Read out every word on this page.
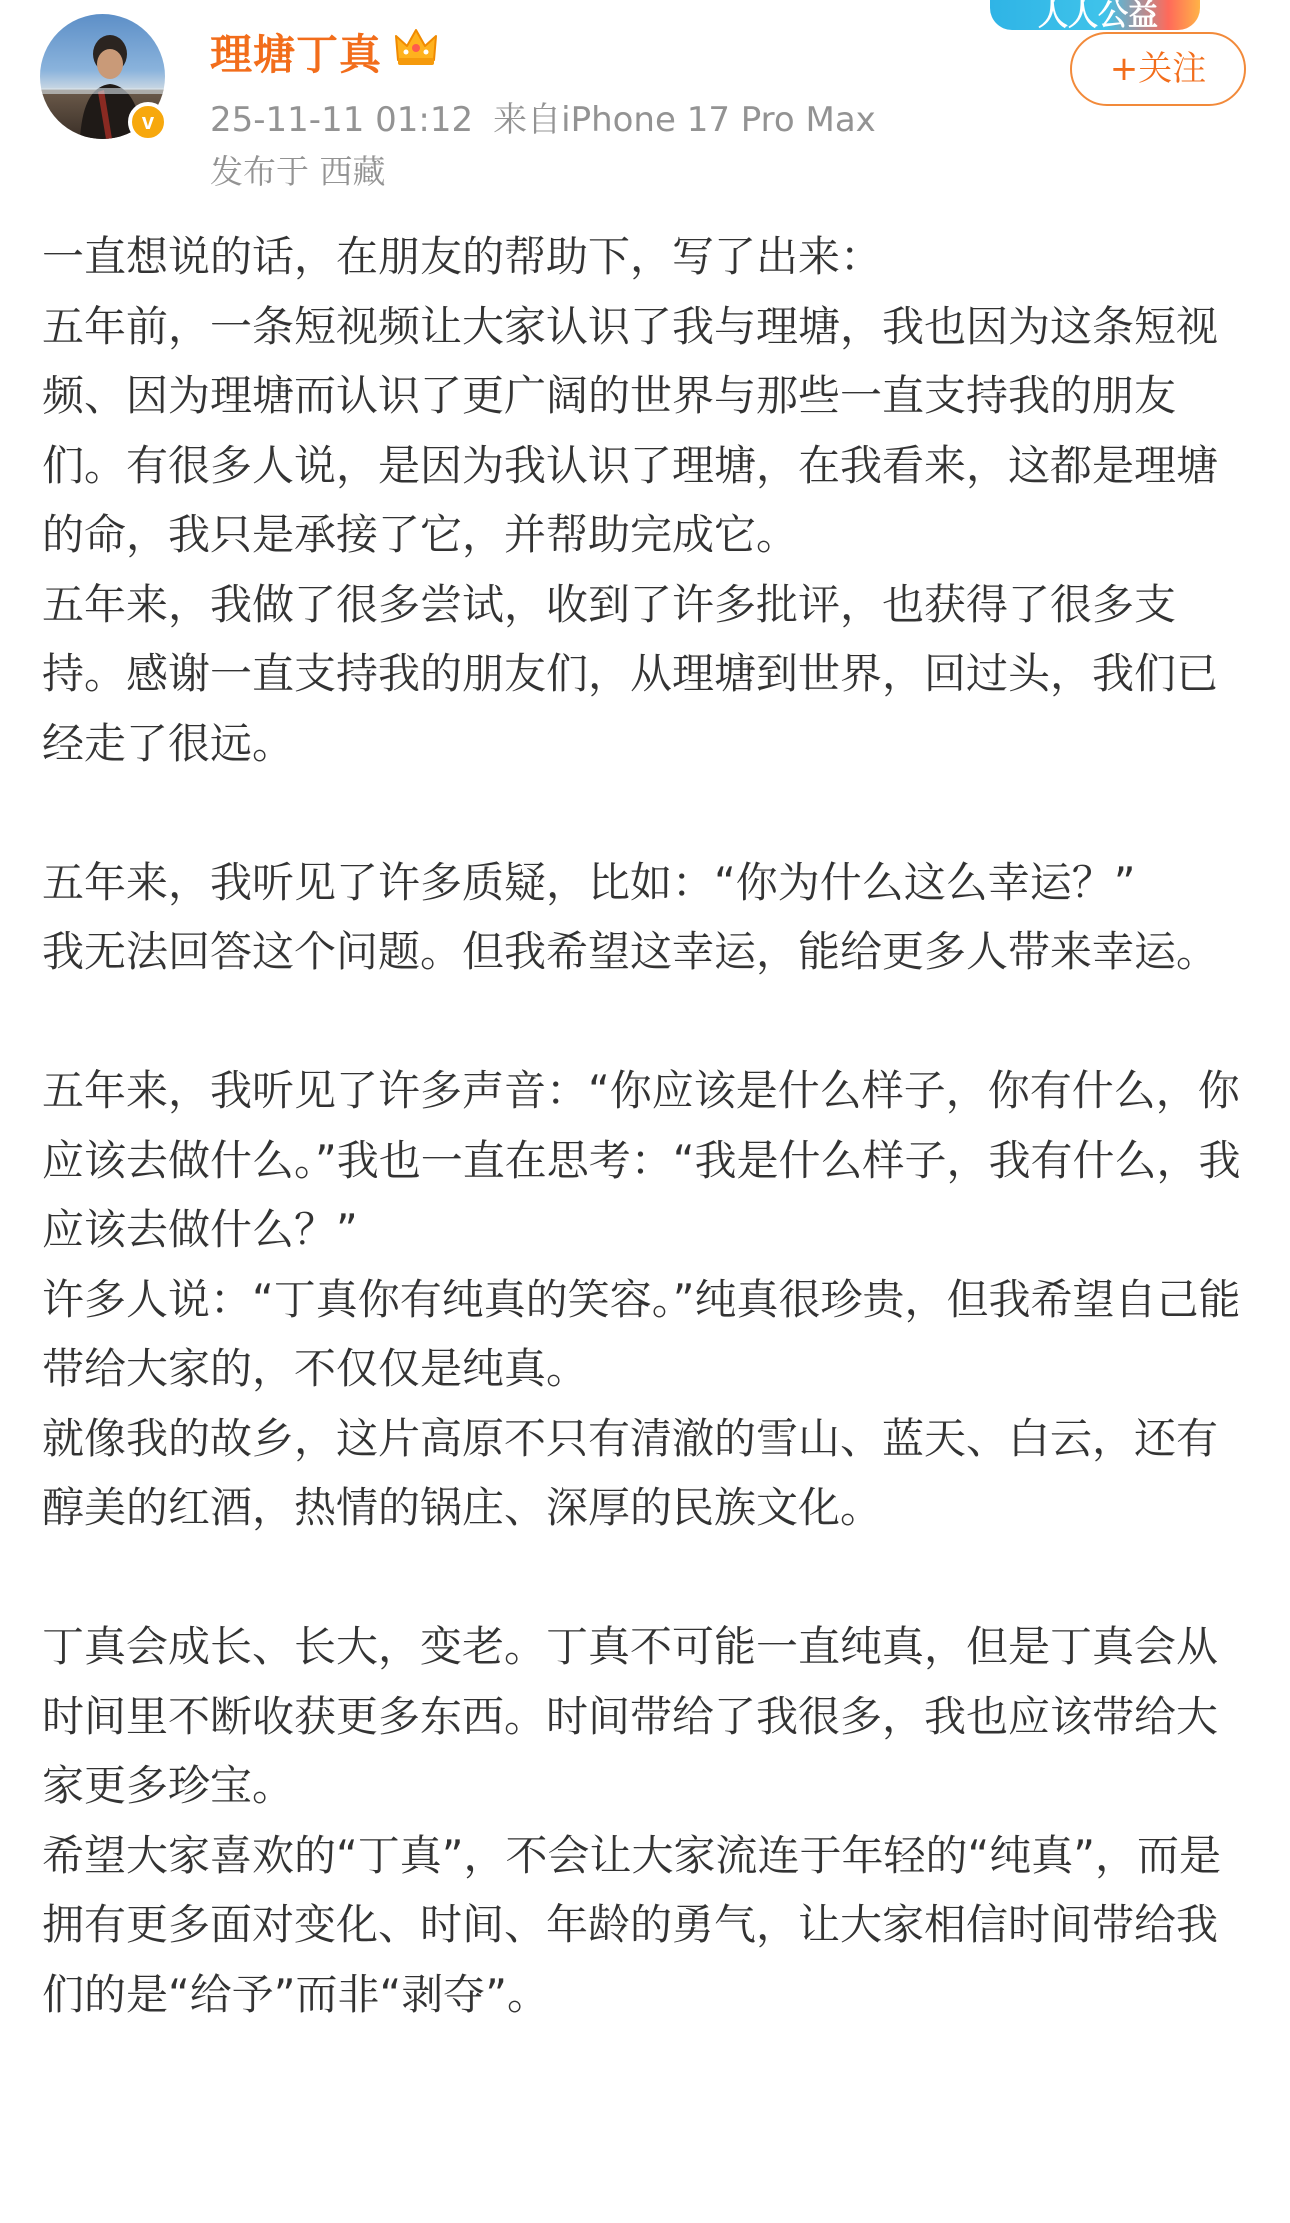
v
理塘丁真
25-11-11 01:12 来自iPhone 17 Pro Max
发布于 西藏
人人公益
+关注

一直想说的话，在朋友的帮助下，写了出来：

五年前，一条短视频让大家认识了我与理塘，我也因为这条短视频、因为理塘而认识了更广阔的世界与那些一直支持我的朋友们。有很多人说，是因为我认识了理塘，在我看来，这都是理塘的命，我只是承接了它，并帮助完成它。

五年来，我做了很多尝试，收到了许多批评，也获得了很多支持。感谢一直支持我的朋友们，从理塘到世界，回过头，我们已经走了很远。

五年来，我听见了许多质疑，比如：“你为什么这么幸运？”

我无法回答这个问题。但我希望这幸运，能给更多人带来幸运。

五年来，我听见了许多声音：“你应该是什么样子，你有什么，你应该去做什么。”我也一直在思考：“我是什么样子，我有什么，我应该去做什么？”

许多人说：“丁真你有纯真的笑容。”纯真很珍贵，但我希望自己能带给大家的，不仅仅是纯真。

就像我的故乡，这片高原不只有清澈的雪山、蓝天、白云，还有醇美的红酒，热情的锅庄、深厚的民族文化。

丁真会成长、长大，变老。丁真不可能一直纯真，但是丁真会从时间里不断收获更多东西。时间带给了我很多，我也应该带给大家更多珍宝。

希望大家喜欢的“丁真”，不会让大家流连于年轻的“纯真”，而是拥有更多面对变化、时间、年龄的勇气，让大家相信时间带给我们的是“给予”而非“剥夺”。
